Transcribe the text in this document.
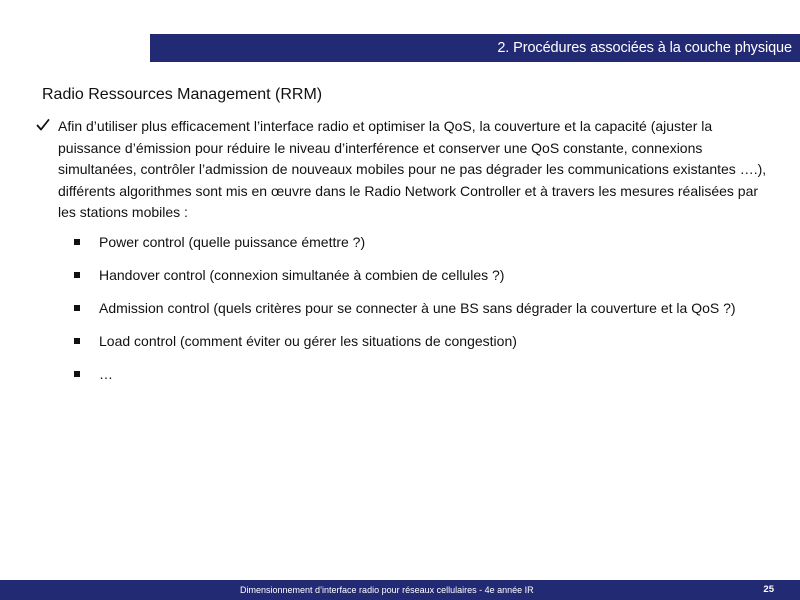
2. Procédures associées à la couche physique
Radio Ressources Management (RRM)
Afin d’utiliser plus efficacement l’interface radio et optimiser la QoS, la couverture et la capacité (ajuster la puissance d’émission pour réduire le niveau d’interférence et conserver une QoS constante, connexions simultanées, contrôler l’admission de nouveaux mobiles pour ne pas dégrader les communications existantes ….), différents algorithmes sont mis en œuvre dans le Radio Network Controller et à travers les mesures réalisées par les stations mobiles :
Power control (quelle puissance émettre ?)
Handover control (connexion simultanée à combien de cellules ?)
Admission control (quels critères pour se connecter à une BS sans dégrader la couverture et la QoS ?)
Load control (comment éviter ou gérer les situations de congestion)
…
Dimensionnement d’interface radio pour réseaux cellulaires - 4e année IR	25
